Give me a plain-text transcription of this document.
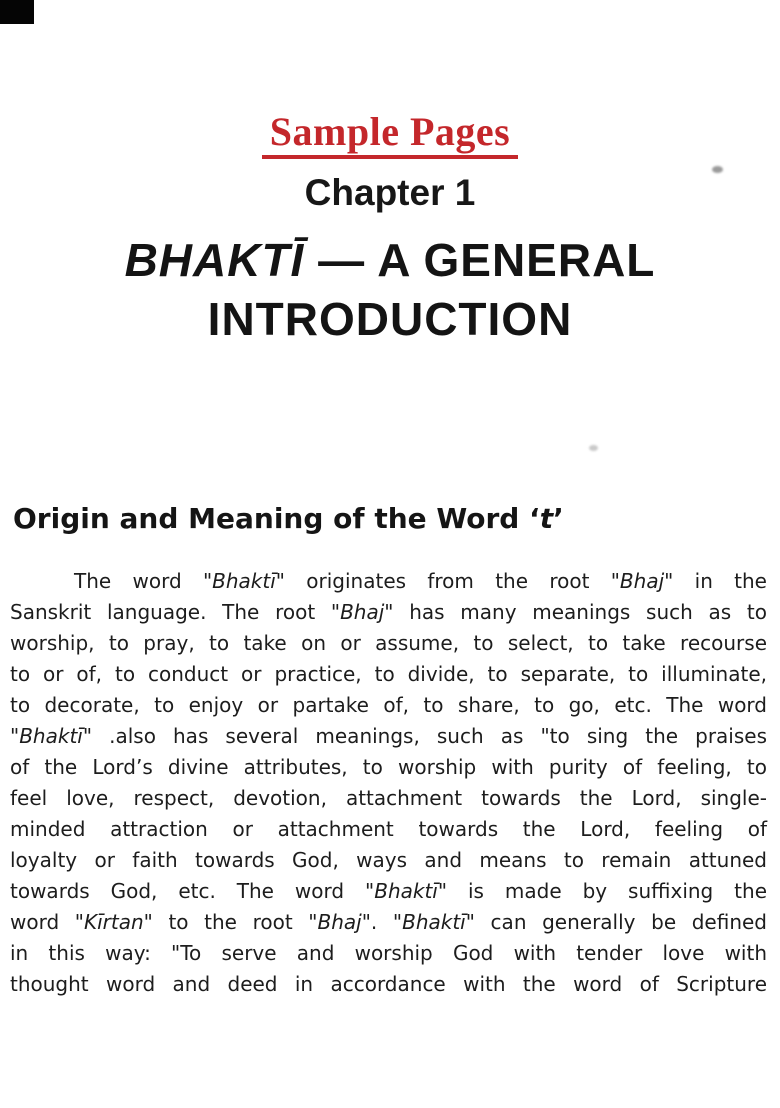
Sample Pages
Chapter 1
BHAKTĪ — A GENERAL
INTRODUCTION
Origin and Meaning of the Word ‘t’
The word "Bhaktī" originates from the root "Bhaj" in the
Sanskrit language. The root "Bhaj" has many meanings such as to
worship, to pray, to take on or assume, to select, to take recourse
to or of, to conduct or practice, to divide, to separate, to illuminate,
to decorate, to enjoy or partake of, to share, to go, etc. The word
"Bhaktī" .also has several meanings, such as "to sing the praises
of the Lord’s divine attributes, to worship with purity of feeling, to
feel love, respect, devotion, attachment towards the Lord, single-
minded attraction or attachment towards the Lord, feeling of
loyalty or faith towards God, ways and means to remain attuned
towards God, etc. The word "Bhaktī" is made by suffixing the
word "Kīrtan" to the root "Bhaj". "Bhaktī" can generally be defined
in this way: "To serve and worship God with tender love with
thought word and deed in accordance with the word of Scripture
